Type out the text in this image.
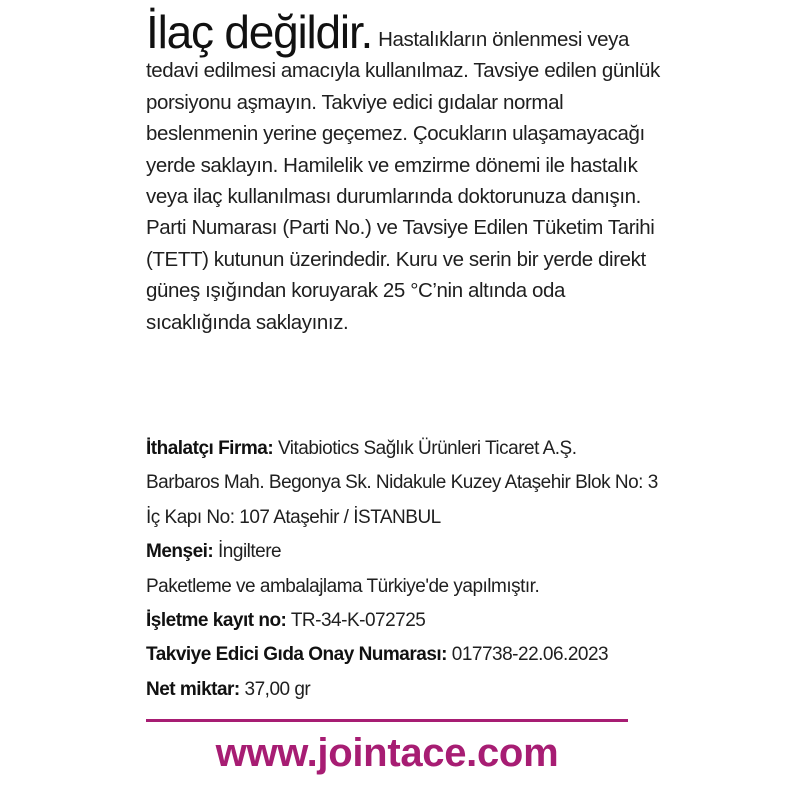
İlaç değildir. Hastalıkların önlenmesi veya tedavi edilmesi amacıyla kullanılmaz. Tavsiye edilen günlük porsiyonu aşmayın. Takviye edici gıdalar normal beslenmenin yerine geçemez. Çocukların ulaşamayacağı yerde saklayın. Hamilelik ve emzirme dönemi ile hastalık veya ilaç kullanılması durumlarında doktorunuza danışın. Parti Numarası (Parti No.) ve Tavsiye Edilen Tüketim Tarihi (TETT) kutunun üzerindedir. Kuru ve serin bir yerde direkt güneş ışığından koruyarak 25 °C’nin altında oda sıcaklığında saklayınız.

İthalatçı Firma: Vitabiotics Sağlık Ürünleri Ticaret A.Ş.
Barbaros Mah. Begonya Sk. Nidakule Kuzey Ataşehir Blok No: 3
İç Kapı No: 107 Ataşehir / İSTANBUL
Menşei: İngiltere
Paketleme ve ambalajlama Türkiye'de yapılmıştır.
İşletme kayıt no: TR-34-K-072725
Takviye Edici Gıda Onay Numarası: 017738-22.06.2023
Net miktar: 37,00 gr
www.jointace.com
